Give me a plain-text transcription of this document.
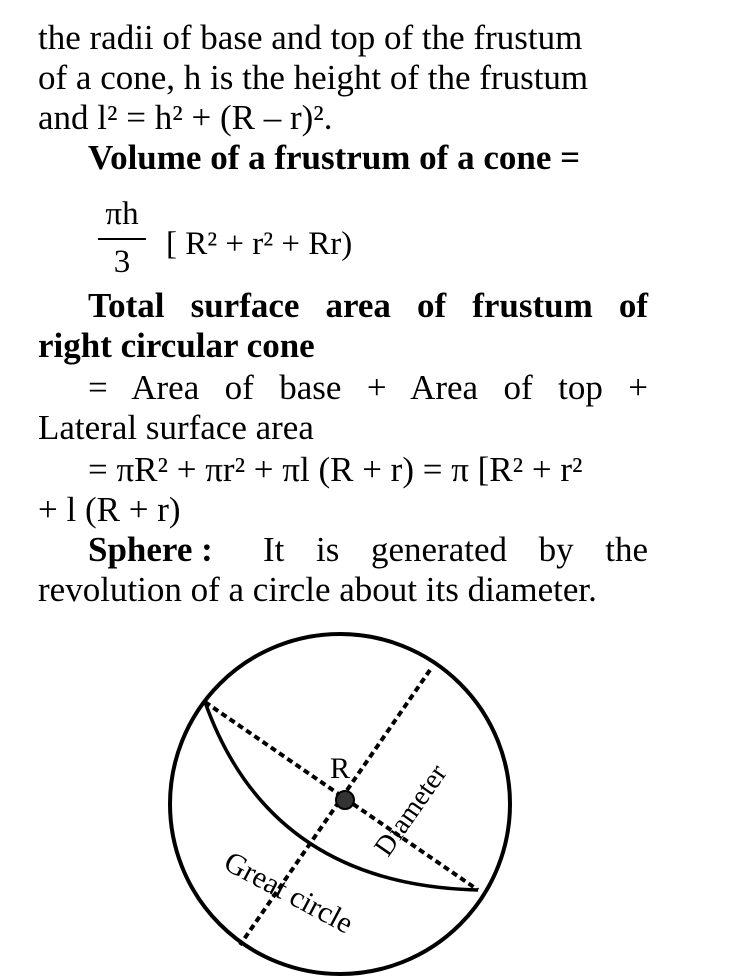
the radii of base and top of the frustum
of a cone, h is the height of the frustum
and l² = h² + (R – r)².
Volume of a frustrum of a cone =
πh
3	[ R² + r² + Rr)
Total surface area of frustum of
right circular cone
= Area of base + Area of top +
Lateral surface area
= πR² + πr² + πl (R + r) = π [R² + r²
+ l (R + r)
Sphere : It is generated by the
revolution of a circle about its diameter.
R Diameter
Great circle
